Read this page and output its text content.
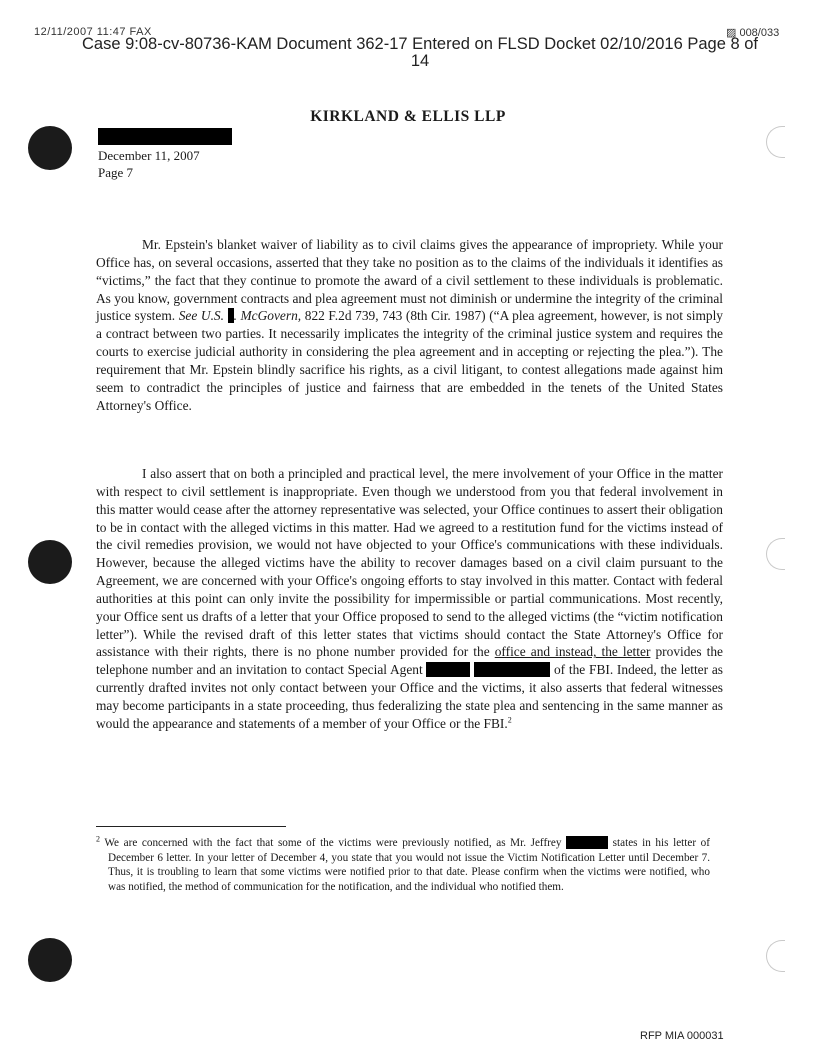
12/11/2007 11:47 FAX	▨ 008/033
Case 9:08-cv-80736-KAM Document 362-17 Entered on FLSD Docket 02/10/2016 Page 8 of
14
KIRKLAND & ELLIS LLP
December 11, 2007
Page 7

Mr. Epstein's blanket waiver of liability as to civil claims gives the appearance of impropriety. While your Office has, on several occasions, asserted that they take no position as to the claims of the individuals it identifies as “victims,” the fact that they continue to promote the award of a civil settlement to these individuals is problematic. As you know, government contracts and plea agreement must not diminish or undermine the integrity of the criminal justice system. See U.S. . McGovern, 822 F.2d 739, 743 (8th Cir. 1987) (“A plea agreement, however, is not simply a contract between two parties. It necessarily implicates the integrity of the criminal justice system and requires the courts to exercise judicial authority in considering the plea agreement and in accepting or rejecting the plea.”). The requirement that Mr. Epstein blindly sacrifice his rights, as a civil litigant, to contest allegations made against him seem to contradict the principles of justice and fairness that are embedded in the tenets of the United States Attorney's Office.

I also assert that on both a principled and practical level, the mere involvement of your Office in the matter with respect to civil settlement is inappropriate. Even though we understood from you that federal involvement in this matter would cease after the attorney representative was selected, your Office continues to assert their obligation to be in contact with the alleged victims in this matter. Had we agreed to a restitution fund for the victims instead of the civil remedies provision, we would not have objected to your Office's communications with these individuals. However, because the alleged victims have the ability to recover damages based on a civil claim pursuant to the Agreement, we are concerned with your Office's ongoing efforts to stay involved in this matter. Contact with federal authorities at this point can only invite the possibility for impermissible or partial communications. Most recently, your Office sent us drafts of a letter that your Office proposed to send to the alleged victims (the “victim notification letter”). While the revised draft of this letter states that victims should contact the State Attorney's Office for assistance with their rights, there is no phone number provided for the office and instead, the letter provides the telephone number and an invitation to contact Special Agent	of the FBI. Indeed, the letter as currently drafted invites not only contact between your Office and the victims, it also asserts that federal witnesses may become participants in a state proceeding, thus federalizing the state plea and sentencing in the same manner as would the appearance and statements of a member of your Office or the FBI.$^2$

$^2$ We are concerned with the fact that some of the victims were previously notified, as Mr. Jeffrey	states in his letter of December 6 letter. In your letter of December 4, you state that you would not issue the Victim Notification Letter until December 7. Thus, it is troubling to learn that some victims were notified prior to that date. Please confirm when the victims were notified, who was notified, the method of communication for the notification, and the individual who notified them.
RFP MIA 000031
